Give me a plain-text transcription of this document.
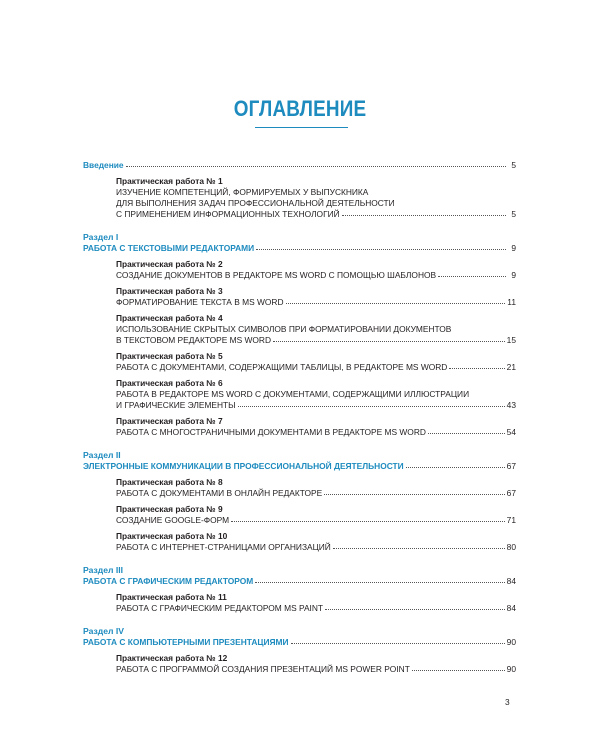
ОГЛАВЛЕНИЕ
Введение	5
Практическая работа № 1
ИЗУЧЕНИЕ КОМПЕТЕНЦИЙ, ФОРМИРУЕМЫХ У ВЫПУСКНИКА
ДЛЯ ВЫПОЛНЕНИЯ ЗАДАЧ ПРОФЕССИОНАЛЬНОЙ ДЕЯТЕЛЬНОСТИ
С ПРИМЕНЕНИЕМ ИНФОРМАЦИОННЫХ ТЕХНОЛОГИЙ	5
Раздел I
РАБОТА С ТЕКСТОВЫМИ РЕДАКТОРАМИ	9
Практическая работа № 2
СОЗДАНИЕ ДОКУМЕНТОВ В РЕДАКТОРЕ MS WORD С ПОМОЩЬЮ ШАБЛОНОВ	9
Практическая работа № 3
ФОРМАТИРОВАНИЕ ТЕКСТА В MS WORD	11
Практическая работа № 4
ИСПОЛЬЗОВАНИЕ СКРЫТЫХ СИМВОЛОВ ПРИ ФОРМАТИРОВАНИИ ДОКУМЕНТОВ
В ТЕКСТОВОМ РЕДАКТОРЕ MS WORD	15
Практическая работа № 5
РАБОТА С ДОКУМЕНТАМИ, СОДЕРЖАЩИМИ ТАБЛИЦЫ, В РЕДАКТОРЕ MS WORD	21
Практическая работа № 6
РАБОТА В РЕДАКТОРЕ MS WORD С ДОКУМЕНТАМИ, СОДЕРЖАЩИМИ ИЛЛЮСТРАЦИИ
И ГРАФИЧЕСКИЕ ЭЛЕМЕНТЫ	43
Практическая работа № 7
РАБОТА С МНОГОСТРАНИЧНЫМИ ДОКУМЕНТАМИ В РЕДАКТОРЕ MS WORD	54
Раздел II
ЭЛЕКТРОННЫЕ КОММУНИКАЦИИ В ПРОФЕССИОНАЛЬНОЙ ДЕЯТЕЛЬНОСТИ	67
Практическая работа № 8
РАБОТА С ДОКУМЕНТАМИ В ОНЛАЙН РЕДАКТОРЕ	67
Практическая работа № 9
СОЗДАНИЕ GOOGLE-ФОРМ	71
Практическая работа № 10
РАБОТА С ИНТЕРНЕТ-СТРАНИЦАМИ ОРГАНИЗАЦИЙ	80
Раздел III
РАБОТА С ГРАФИЧЕСКИМ РЕДАКТОРОМ	84
Практическая работа № 11
РАБОТА С ГРАФИЧЕСКИМ РЕДАКТОРОМ MS PAINT	84
Раздел IV
РАБОТА С КОМПЬЮТЕРНЫМИ ПРЕЗЕНТАЦИЯМИ	90
Практическая работа № 12
РАБОТА С ПРОГРАММОЙ СОЗДАНИЯ ПРЕЗЕНТАЦИЙ MS POWER POINT	90
3
